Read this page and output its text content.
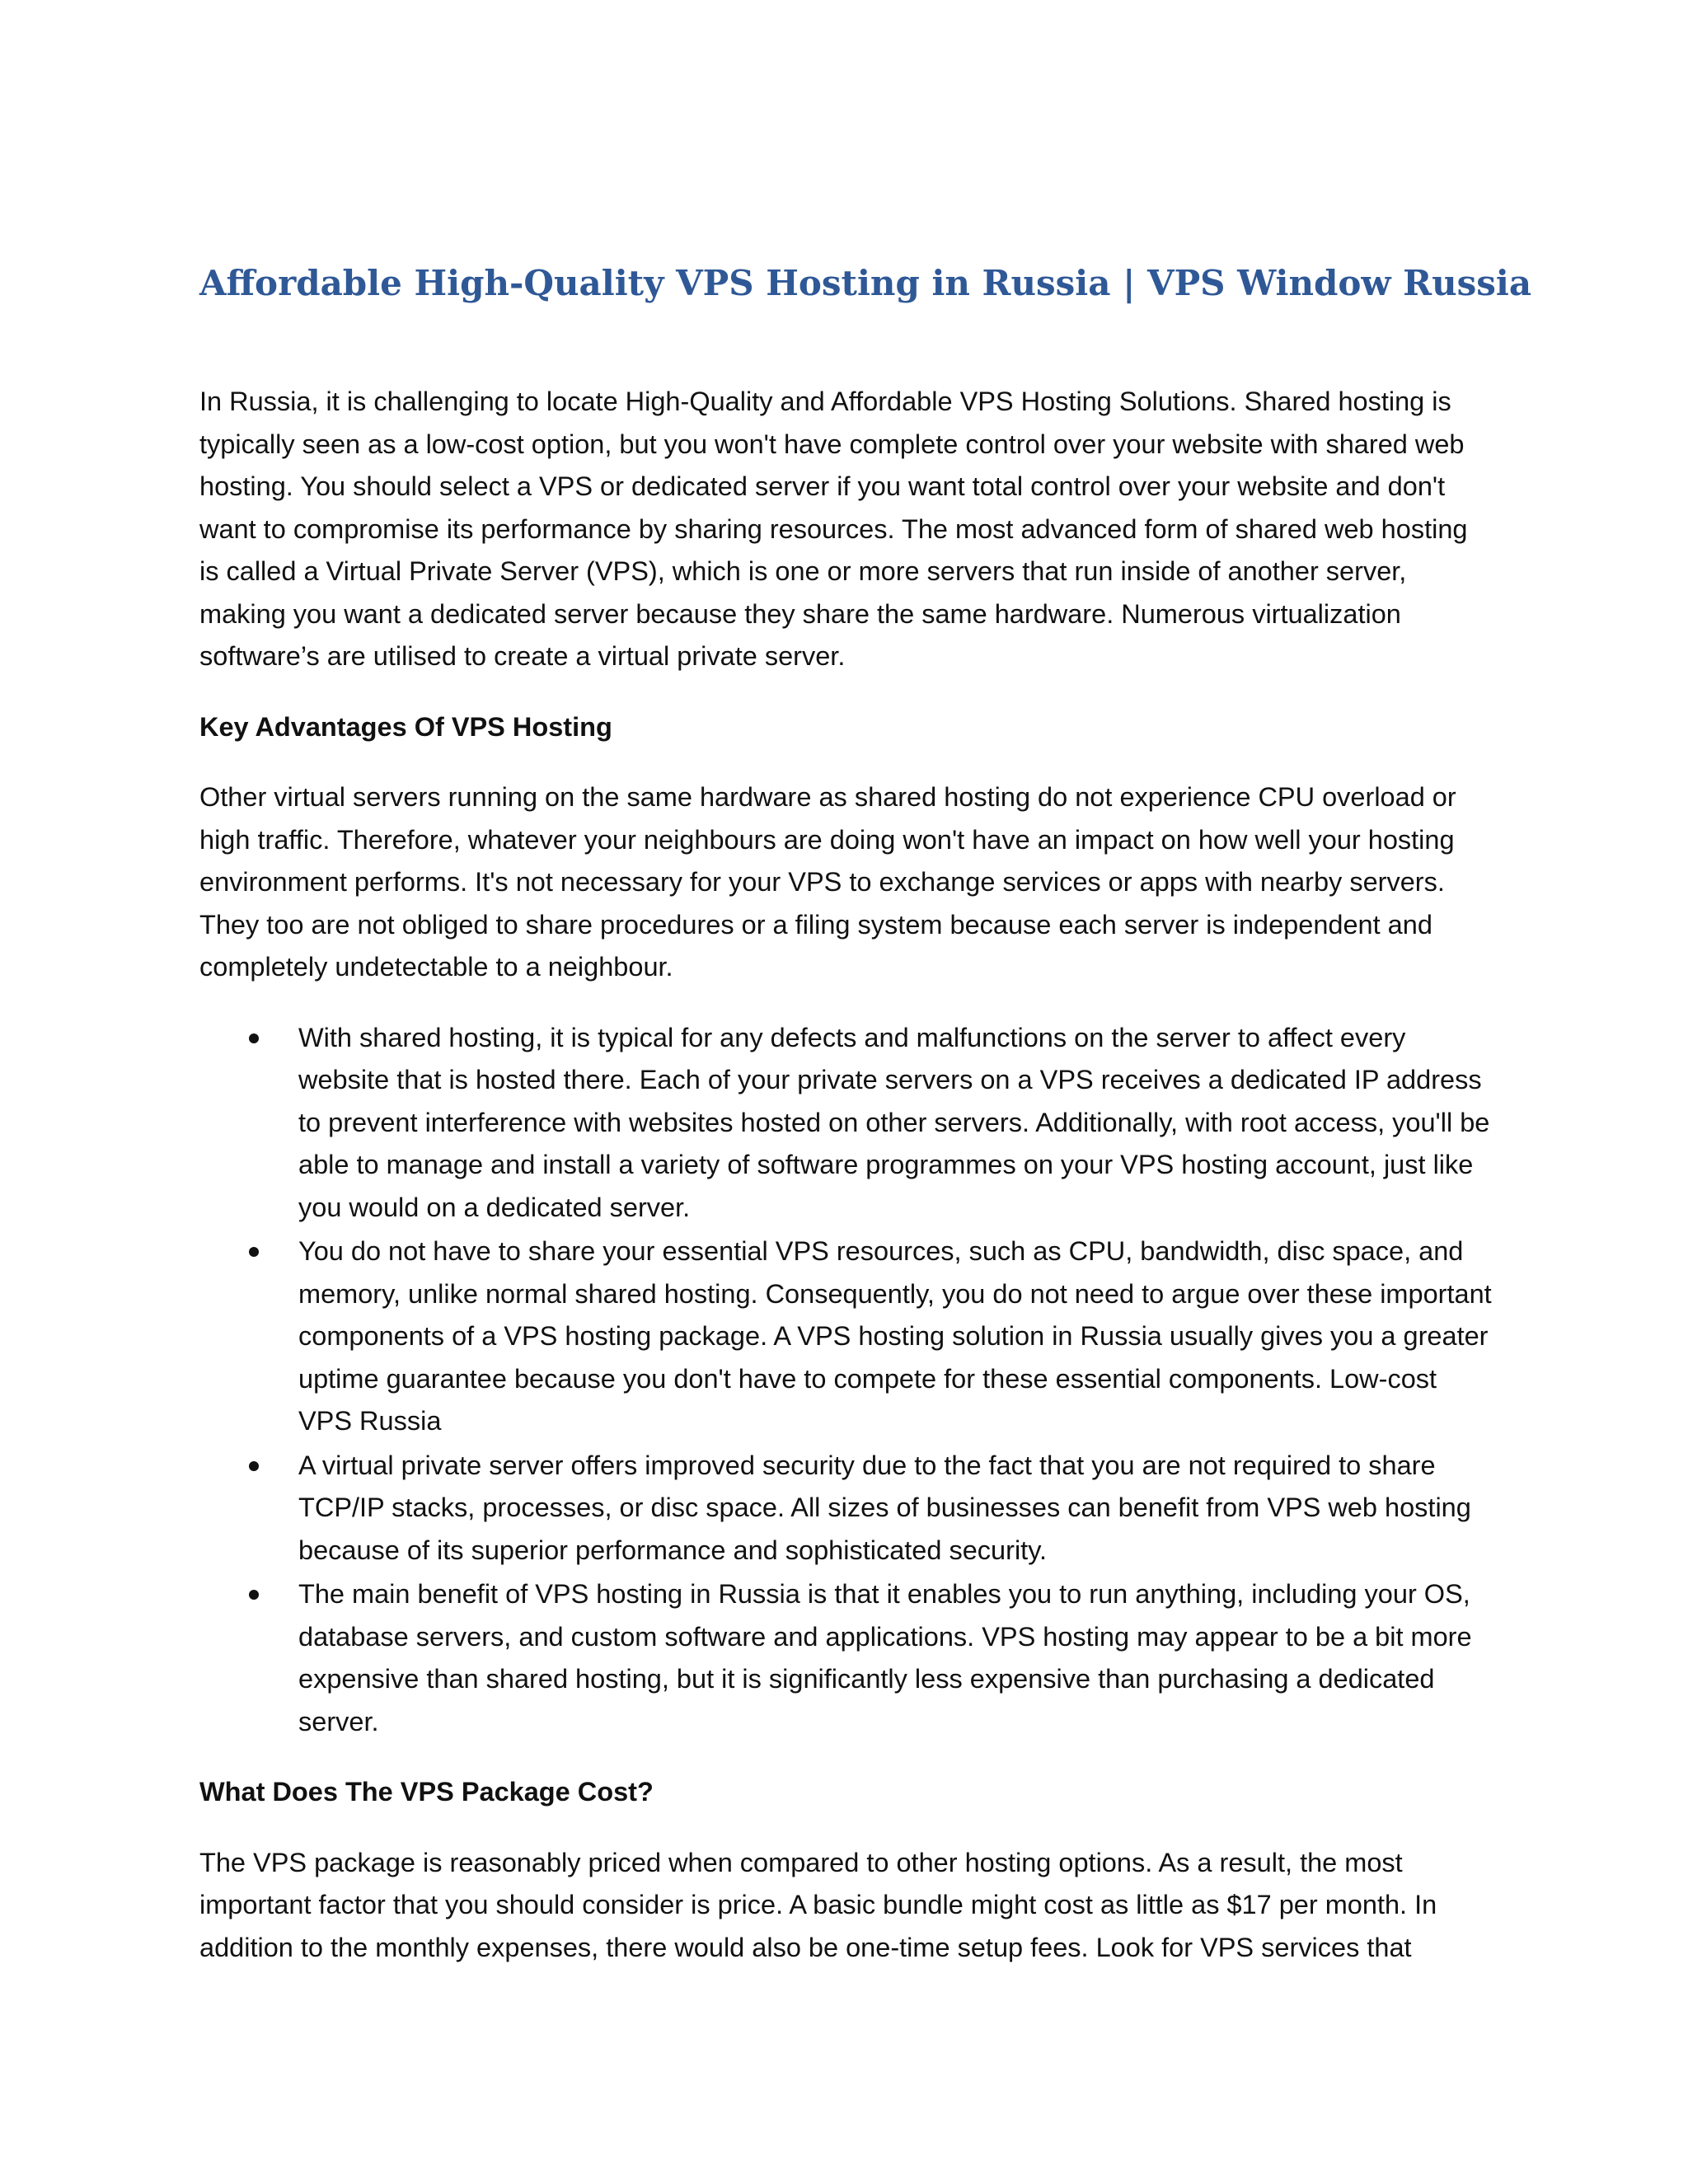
Affordable High-Quality VPS Hosting in Russia | VPS Window Russia

In Russia, it is challenging to locate High-Quality and Affordable VPS Hosting Solutions. Shared hosting is typically seen as a low-cost option, but you won't have complete control over your website with shared web hosting. You should select a VPS or dedicated server if you want total control over your website and don't want to compromise its performance by sharing resources. The most advanced form of shared web hosting is called a Virtual Private Server (VPS), which is one or more servers that run inside of another server, making you want a dedicated server because they share the same hardware. Numerous virtualization software’s are utilised to create a virtual private server.

Key Advantages Of VPS Hosting

Other virtual servers running on the same hardware as shared hosting do not experience CPU overload or high traffic. Therefore, whatever your neighbours are doing won't have an impact on how well your hosting environment performs. It's not necessary for your VPS to exchange services or apps with nearby servers. They too are not obliged to share procedures or a filing system because each server is independent and completely undetectable to a neighbour.

With shared hosting, it is typical for any defects and malfunctions on the server to affect every website that is hosted there. Each of your private servers on a VPS receives a dedicated IP address to prevent interference with websites hosted on other servers. Additionally, with root access, you'll be able to manage and install a variety of software programmes on your VPS hosting account, just like you would on a dedicated server.
You do not have to share your essential VPS resources, such as CPU, bandwidth, disc space, and memory, unlike normal shared hosting. Consequently, you do not need to argue over these important components of a VPS hosting package. A VPS hosting solution in Russia usually gives you a greater uptime guarantee because you don't have to compete for these essential components. Low-cost VPS Russia
A virtual private server offers improved security due to the fact that you are not required to share TCP/IP stacks, processes, or disc space. All sizes of businesses can benefit from VPS web hosting because of its superior performance and sophisticated security.
The main benefit of VPS hosting in Russia is that it enables you to run anything, including your OS, database servers, and custom software and applications. VPS hosting may appear to be a bit more expensive than shared hosting, but it is significantly less expensive than purchasing a dedicated server.

What Does The VPS Package Cost?

The VPS package is reasonably priced when compared to other hosting options. As a result, the most important factor that you should consider is price. A basic bundle might cost as little as $17 per month. In addition to the monthly expenses, there would also be one-time setup fees. Look for VPS services that
